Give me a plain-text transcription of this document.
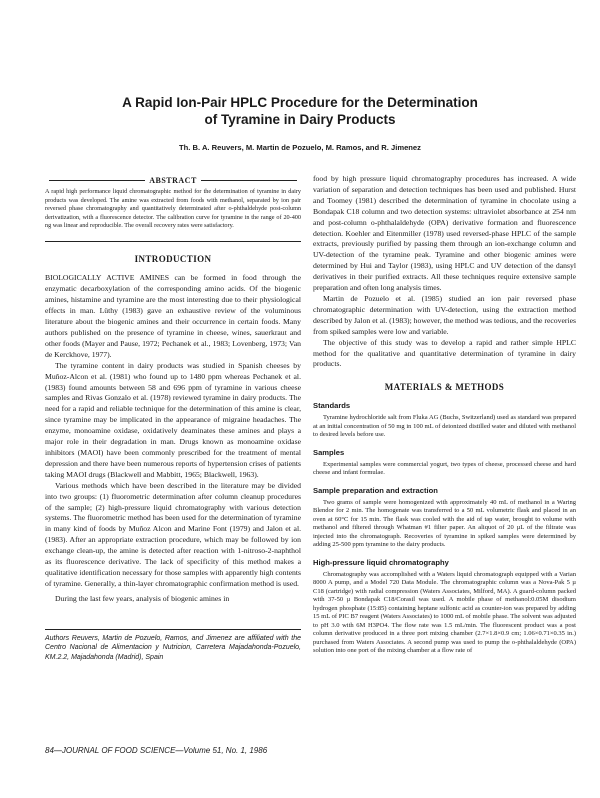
A Rapid Ion-Pair HPLC Procedure for the Determination
of Tyramine in Dairy Products
Th. B. A. Reuvers, M. Martin de Pozuelo, M. Ramos, and R. Jimenez
ABSTRACT

A rapid high performance liquid chromatographic method for the determination of tyramine in dairy products was developed. The amine was extracted from foods with methanol, separated by ion pair reversed phase chromatography and quantitatively determinated after o-phthaldehyde post-column derivatization, with a fluorescence detector. The calibration curve for tyramine in the range of 20-400 ng was linear and reproducible. The overall recovery rates were satisfactory.

INTRODUCTION

BIOLOGICALLY ACTIVE AMINES can be formed in food through the enzymatic decarboxylation of the corresponding amino acids. Of the biogenic amines, histamine and tyramine are the most interesting due to their physiological effects in man. Lüthy (1983) gave an exhaustive review of the voluminous literature about the biogenic amines and their occurrence in certain foods. Many authors published on the presence of tyramine in cheese, wines, sauerkraut and other foods (Mayer and Pause, 1972; Pechanek et al., 1983; Lovenberg, 1973; Van de Kerckhove, 1977).

The tyramine content in dairy products was studied in Spanish cheeses by Muñoz-Alcon et al. (1981) who found up to 1480 ppm whereas Pechanek et al. (1983) found amounts between 58 and 696 ppm of tyramine in various cheese samples and Rivas Gonzalo et al. (1978) reviewed tyramine in dairy products. The need for a rapid and reliable technique for the determination of this amine is clear, since tyramine may be implicated in the appearance of migraine headaches. The enzyme, monoamine oxidase, oxidatively deaminates these amines and plays a major role in their degradation in man. Drugs known as monoamine oxidase inhibitors (MAOI) have been commonly prescribed for the treatment of mental depression and there have been numerous reports of hypertension crises of patients taking MAOI drugs (Blackwell and Mabbitt, 1965; Blackwell, 1963).

Various methods which have been described in the literature may be divided into two groups: (1) fluorometric determination after column cleanup procedures of the sample; (2) high-pressure liquid chromatography with various detection systems. The fluorometric method has been used for the determination of tyramine in many kind of foods by Muñoz Alcon and Marine Font (1979) and Jalon et al. (1983). After an appropriate extraction procedure, which may be followed by ion exchange clean-up, the amine is detected after reaction with 1-nitroso-2-naphthol as its fluorescence derivative. The lack of specificity of this method makes a qualitative identification necessary for those samples with apparently high contents of tyramine. Generally, a thin-layer chromatographic confirmation method is used.

During the last few years, analysis of biogenic amines in

Authors Reuvers, Martin de Pozuelo, Ramos, and Jimenez are affiliated with the Centro Nacional de Alimentacion y Nutricion, Carretera Majadahonda-Pozuelo, KM.2.2, Majadahonda (Madrid), Spain

food by high pressure liquid chromatography procedures has increased. A wide variation of separation and detection techniques has been used and published. Hurst and Toomey (1981) described the determination of tyramine in chocolate using a Bondapak C18 column and two detection systems: ultraviolet absorbance at 254 nm and post-column o-phthalaldehyde (OPA) derivative formation and fluorescence detection. Koehler and Eitenmiller (1978) used reversed-phase HPLC of the sample extracts, previously purified by passing them through an ion-exchange column and UV-detection of the tyramine peak. Tyramine and other biogenic amines were determined by Hui and Taylor (1983), using HPLC and UV detection of the dansyl derivatives in their purified extracts. All these techniques require extensive sample preparation and often long analysis times.

Martin de Pozuelo et al. (1985) studied an ion pair reversed phase chromatographic determination with UV-detection, using the extraction method described by Jalon et al. (1983); however, the method was tedious, and the recoveries from spiked samples were low and variable.

The objective of this study was to develop a rapid and rather simple HPLC method for the qualitative and quantitative determination of tyramine in dairy products.

MATERIALS & METHODS
Standards

Tyramine hydrochloride salt from Fluka AG (Buchs, Switzerland) used as standard was prepared at an initial concentration of 50 mg in 100 mL of deionized distilled water and diluted with methanol to desired levels before use.

Samples

Experimental samples were commercial yogurt, two types of cheese, processed cheese and hard cheese and infant formulae.

Sample preparation and extraction

Two grams of sample were homogenized with approximately 40 mL of methanol in a Waring Blendor for 2 min. The homogenate was transferred to a 50 mL volumetric flask and placed in an oven at 60°C for 15 min. The flask was cooled with the aid of tap water, brought to volume with methanol and filtered through Whatman #1 filter paper. An aliquot of 20 µL of the filtrate was injected into the chromatograph. Recoveries of tyramine in spiked samples were determined by adding 25-500 ppm tyramine to the dairy products.

High-pressure liquid chromatography

Chromatography was accomplished with a Waters liquid chromatograph equipped with a Varian 8000 A pump, and a Model 720 Data Module. The chromatographic column was a Nova-Pak 5 µ C18 (cartridge) with radial compression (Waters Associates, Milford, MA). A guard-column packed with 37-50 µ Bondapak C18/Corasil was used. A mobile phase of methanol:0.05M disodium hydrogen phosphate (15:85) containing heptane sulfonic acid as counter-ion was prepared by adding 15 mL of PIC B7 reagent (Waters Associates) to 1000 mL of mobile phase. The solvent was adjusted to pH 3.0 with 6M H3PO4. The flow rate was 1.5 mL/min. The fluorescent product was a post column derivative produced in a three port mixing chamber (2.7×1.8×0.9 cm; 1.06×0.71×0.35 in.) purchased from Waters Associates. A second pump was used to pump the o-phthalaldehyde (OPA) solution into one port of the mixing chamber at a flow rate of

84—JOURNAL OF FOOD SCIENCE—Volume 51, No. 1, 1986
